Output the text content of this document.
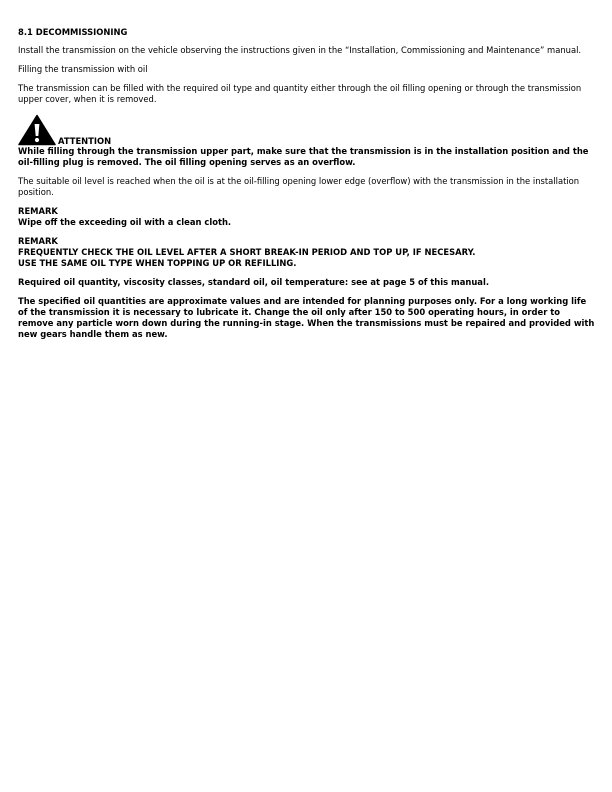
8.1 DECOMMISSIONING

Install the transmission on the vehicle observing the instructions given in the “Installation, Commissioning and Maintenance” manual.

Filling the transmission with oil

The transmission can be filled with the required oil type and quantity either through the oil filling opening or through the transmission upper cover, when it is removed.

ATTENTION
While filling through the transmission upper part, make sure that the transmission is in the installation position and the oil-filling plug is removed. The oil filling opening serves as an overflow.

The suitable oil level is reached when the oil is at the oil-filling opening lower edge (overflow) with the transmission in the installation position.

REMARK
Wipe off the exceeding oil with a clean cloth.
REMARK
FREQUENTLY CHECK THE OIL LEVEL AFTER A SHORT BREAK-IN PERIOD AND TOP UP, IF NECESARY.
USE THE SAME OIL TYPE WHEN TOPPING UP OR REFILLING.

Required oil quantity, viscosity classes, standard oil, oil temperature: see at page 5 of this manual.

The specified oil quantities are approximate values and are intended for planning purposes only. For a long working life of the transmission it is necessary to lubricate it. Change the oil only after 150 to 500 operating hours, in order to remove any particle worn down during the running-in stage. When the transmissions must be repaired and provided with new gears handle them as new.
